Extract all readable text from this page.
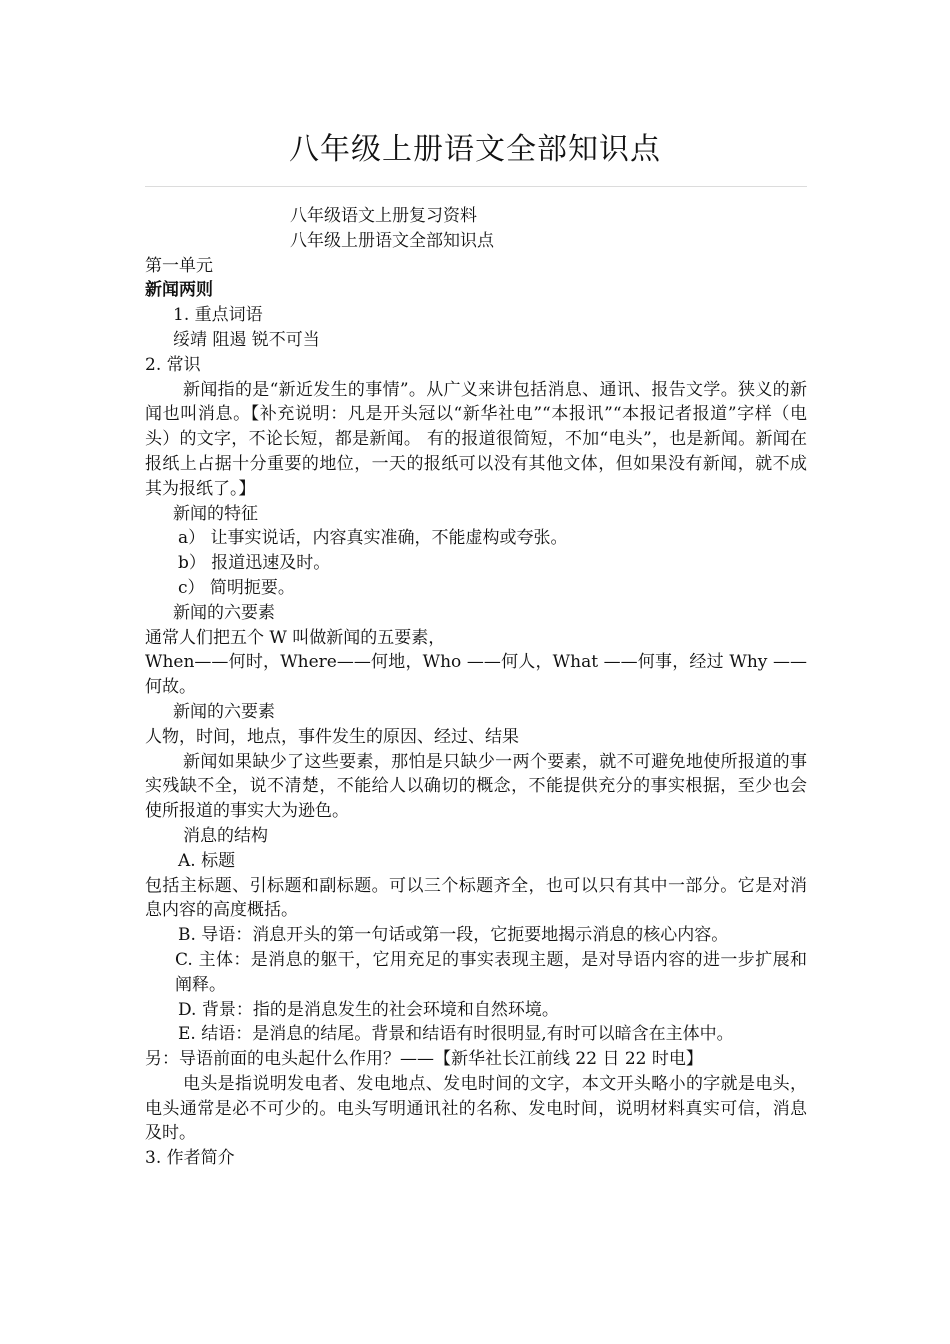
八年级上册语文全部知识点
八年级语文上册复习资料
八年级上册语文全部知识点
第一单元
新闻两则
1. 重点词语
绥靖 阻遏 锐不可当
2. 常识
新闻指的是“新近发生的事情”。从广义来讲包括消息、通讯、报告文学。狭义的新闻也叫消息。【补充说明：凡是开头冠以“新华社电”“本报讯”“本报记者报道”字样（电头）的文字，不论长短，都是新闻。 有的报道很简短，不加“电头”，也是新闻。新闻在报纸上占据十分重要的地位，一天的报纸可以没有其他文体，但如果没有新闻，就不成其为报纸了。】
新闻的特征
a） 让事实说话，内容真实准确，不能虚构或夸张。
b） 报道迅速及时。
c） 简明扼要。
新闻的六要素
通常人们把五个 W 叫做新闻的五要素，
When——何时，Where——何地，Who ——何人，What ——何事，经过 Why ——何故。
新闻的六要素
人物，时间，地点，事件发生的原因、经过、结果
新闻如果缺少了这些要素，那怕是只缺少一两个要素，就不可避免地使所报道的事实残缺不全，说不清楚，不能给人以确切的概念，不能提供充分的事实根据，至少也会使所报道的事实大为逊色。
消息的结构
A. 标题
包括主标题、引标题和副标题。可以三个标题齐全，也可以只有其中一部分。它是对消息内容的高度概括。
B. 导语：消息开头的第一句话或第一段，它扼要地揭示消息的核心内容。
C. 主体：是消息的躯干，它用充足的事实表现主题，是对导语内容的进一步扩展和阐释。
D. 背景：指的是消息发生的社会环境和自然环境。
E. 结语：是消息的结尾。背景和结语有时很明显,有时可以暗含在主体中。
另：导语前面的电头起什么作用？——【新华社长江前线 22 日 22 时电】
电头是指说明发电者、发电地点、发电时间的文字，本文开头略小的字就是电头，电头通常是必不可少的。电头写明通讯社的名称、发电时间，说明材料真实可信，消息及时。
3. 作者简介
